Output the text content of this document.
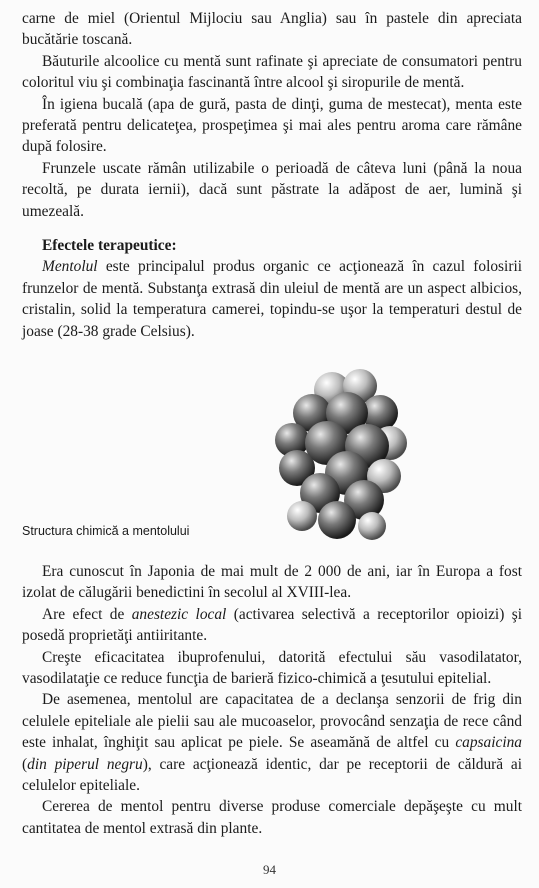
carne de miel (Orientul Mijlociu sau Anglia) sau în pastele din apreciata bucătărie toscană.

Băuturile alcoolice cu mentă sunt rafinate şi apreciate de consumatori pentru coloritul viu şi combinaţia fascinantă între alcool şi siropurile de mentă.

În igiena bucală (apa de gură, pasta de dinţi, guma de mestecat), menta este preferată pentru delicateţea, prospeţimea şi mai ales pentru aroma care rămâne după folosire.

Frunzele uscate rămân utilizabile o perioadă de câteva luni (până la noua recoltă, pe durata iernii), dacă sunt păstrate la adăpost de aer, lumină şi umezeală.

Efectele terapeutice:

Mentolul este principalul produs organic ce acţionează în cazul folosirii frunzelor de mentă. Substanţa extrasă din uleiul de mentă are un aspect albicios, cristalin, solid la temperatura camerei, topindu-se uşor la temperaturi destul de joase (28-38 grade Celsius).

Structura chimică a mentolului

Era cunoscut în Japonia de mai mult de 2 000 de ani, iar în Europa a fost izolat de călugării benedictini în secolul al XVIII-lea.

Are efect de anestezic local (activarea selectivă a receptorilor opioizi) şi posedă proprietăţi antiiritante.

Creşte eficacitatea ibuprofenului, datorită efectului său vasodilatator, vasodilataţie ce reduce funcţia de barieră fizico-chimică a ţesutului epitelial.

De asemenea, mentolul are capacitatea de a declanşa senzorii de frig din celulele epiteliale ale pielii sau ale mucoaselor, provocând senzaţia de rece când este inhalat, înghiţit sau aplicat pe piele. Se aseamănă de altfel cu capsaicina (din piperul negru), care acţionează identic, dar pe receptorii de căldură ai celulelor epiteliale.

Cererea de mentol pentru diverse produse comerciale depăşeşte cu mult cantitatea de mentol extrasă din plante.

94
